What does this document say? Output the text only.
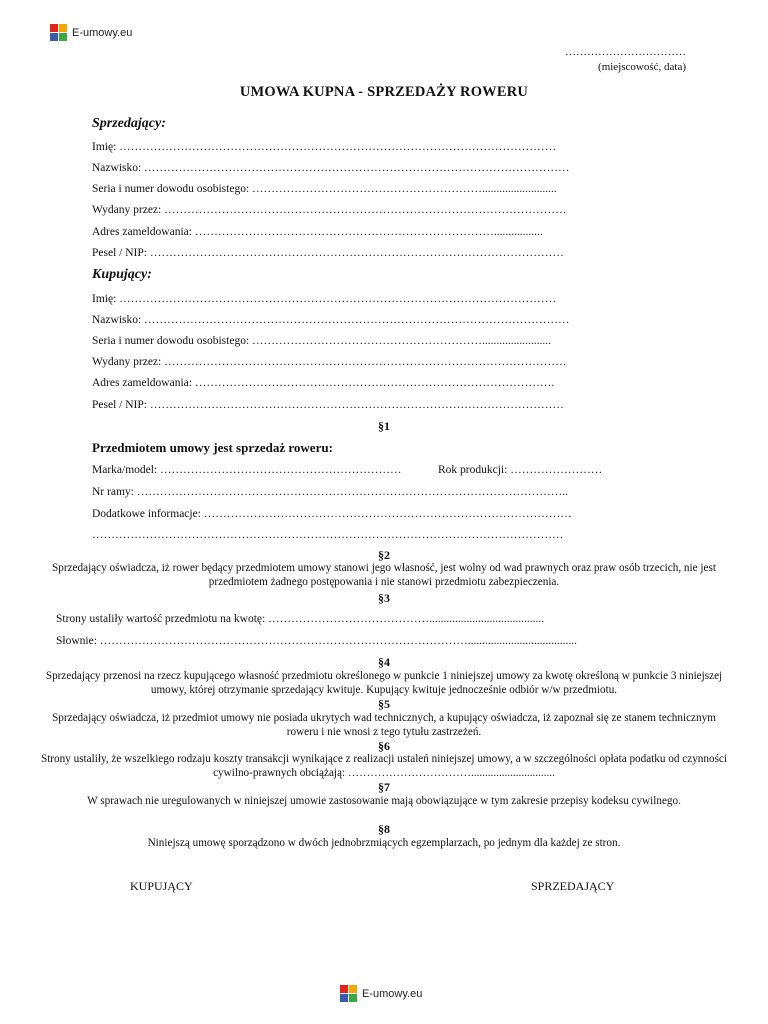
E-umowy.eu
……………………………
(miejscowość, data)
UMOWA KUPNA - SPRZEDAŻY ROWERU
Sprzedający:
Imię: ……………………………………………………………………………………………………
Nazwisko: …………………………………………………………………………………………………
Seria i numer dowodu osobistego: ……………………………………………………..........................
Wydany przez: ……………………………………………………………………………………………
Adres zameldowania: …………………………………………………………………….................
Pesel / NIP: ………………………………………………………………………………………………
Kupujący:
Imię: ……………………………………………………………………………………………………
Nazwisko: …………………………………………………………………………………………………
Seria i numer dowodu osobistego: ……………………………………………………........................
Wydany przez: ……………………………………………………………………………………………
Adres zameldowania: ………………………………………………………………………………….
Pesel / NIP: ………………………………………………………………………………………………
§1
Przedmiotem umowy jest sprzedaż roweru:
Marka/model: ………………………………………………………	Rok produkcji: ……………………
Nr ramy: …………………………………………………………………………………………………..
Dodatkowe informacje: ……………………………………………………………………………………
……………………………………………………………………………………………………………
§2
Sprzedający oświadcza, iż rower będący przedmiotem umowy stanowi jego własność, jest wolny od wad prawnych oraz praw osób trzecich, nie jest przedmiotem żadnego postępowania i nie stanowi przedmiotu zabezpieczenia.
§3
Strony ustaliły wartość przedmiotu na kwotę: ……………………………………........................................
Słownie: ……………………………………………………………………………………......................................
§4
Sprzedający przenosi na rzecz kupującego własność przedmiotu określonego w punkcie 1 niniejszej umowy za kwotę określoną w punkcie 3 niniejszej umowy, której otrzymanie sprzedający kwituje. Kupujący kwituje jednocześnie odbiór w/w przedmiotu.
§5
Sprzedający oświadcza, iż przedmiot umowy nie posiada ukrytych wad technicznych, a kupujący oświadcza, iż zapoznał się ze stanem technicznym roweru i nie wnosi z tego tytułu zastrzeżeń.
§6
Strony ustaliły, że wszelkiego rodzaju koszty transakcji wynikające z realizacji ustaleń niniejszej umowy, a w szczególności opłata podatku od czynności cywilno-prawnych obciążają: ……………………………..............................
§7
W sprawach nie uregulowanych w niniejszej umowie zastosowanie mają obowiązujące w tym zakresie przepisy kodeksu cywilnego.
§8
Niniejszą umowę sporządzono w dwóch jednobrzmiących egzemplarzach, po jednym dla każdej ze stron.
KUPUJĄCY	SPRZEDAJĄCY
E-umowy.eu
